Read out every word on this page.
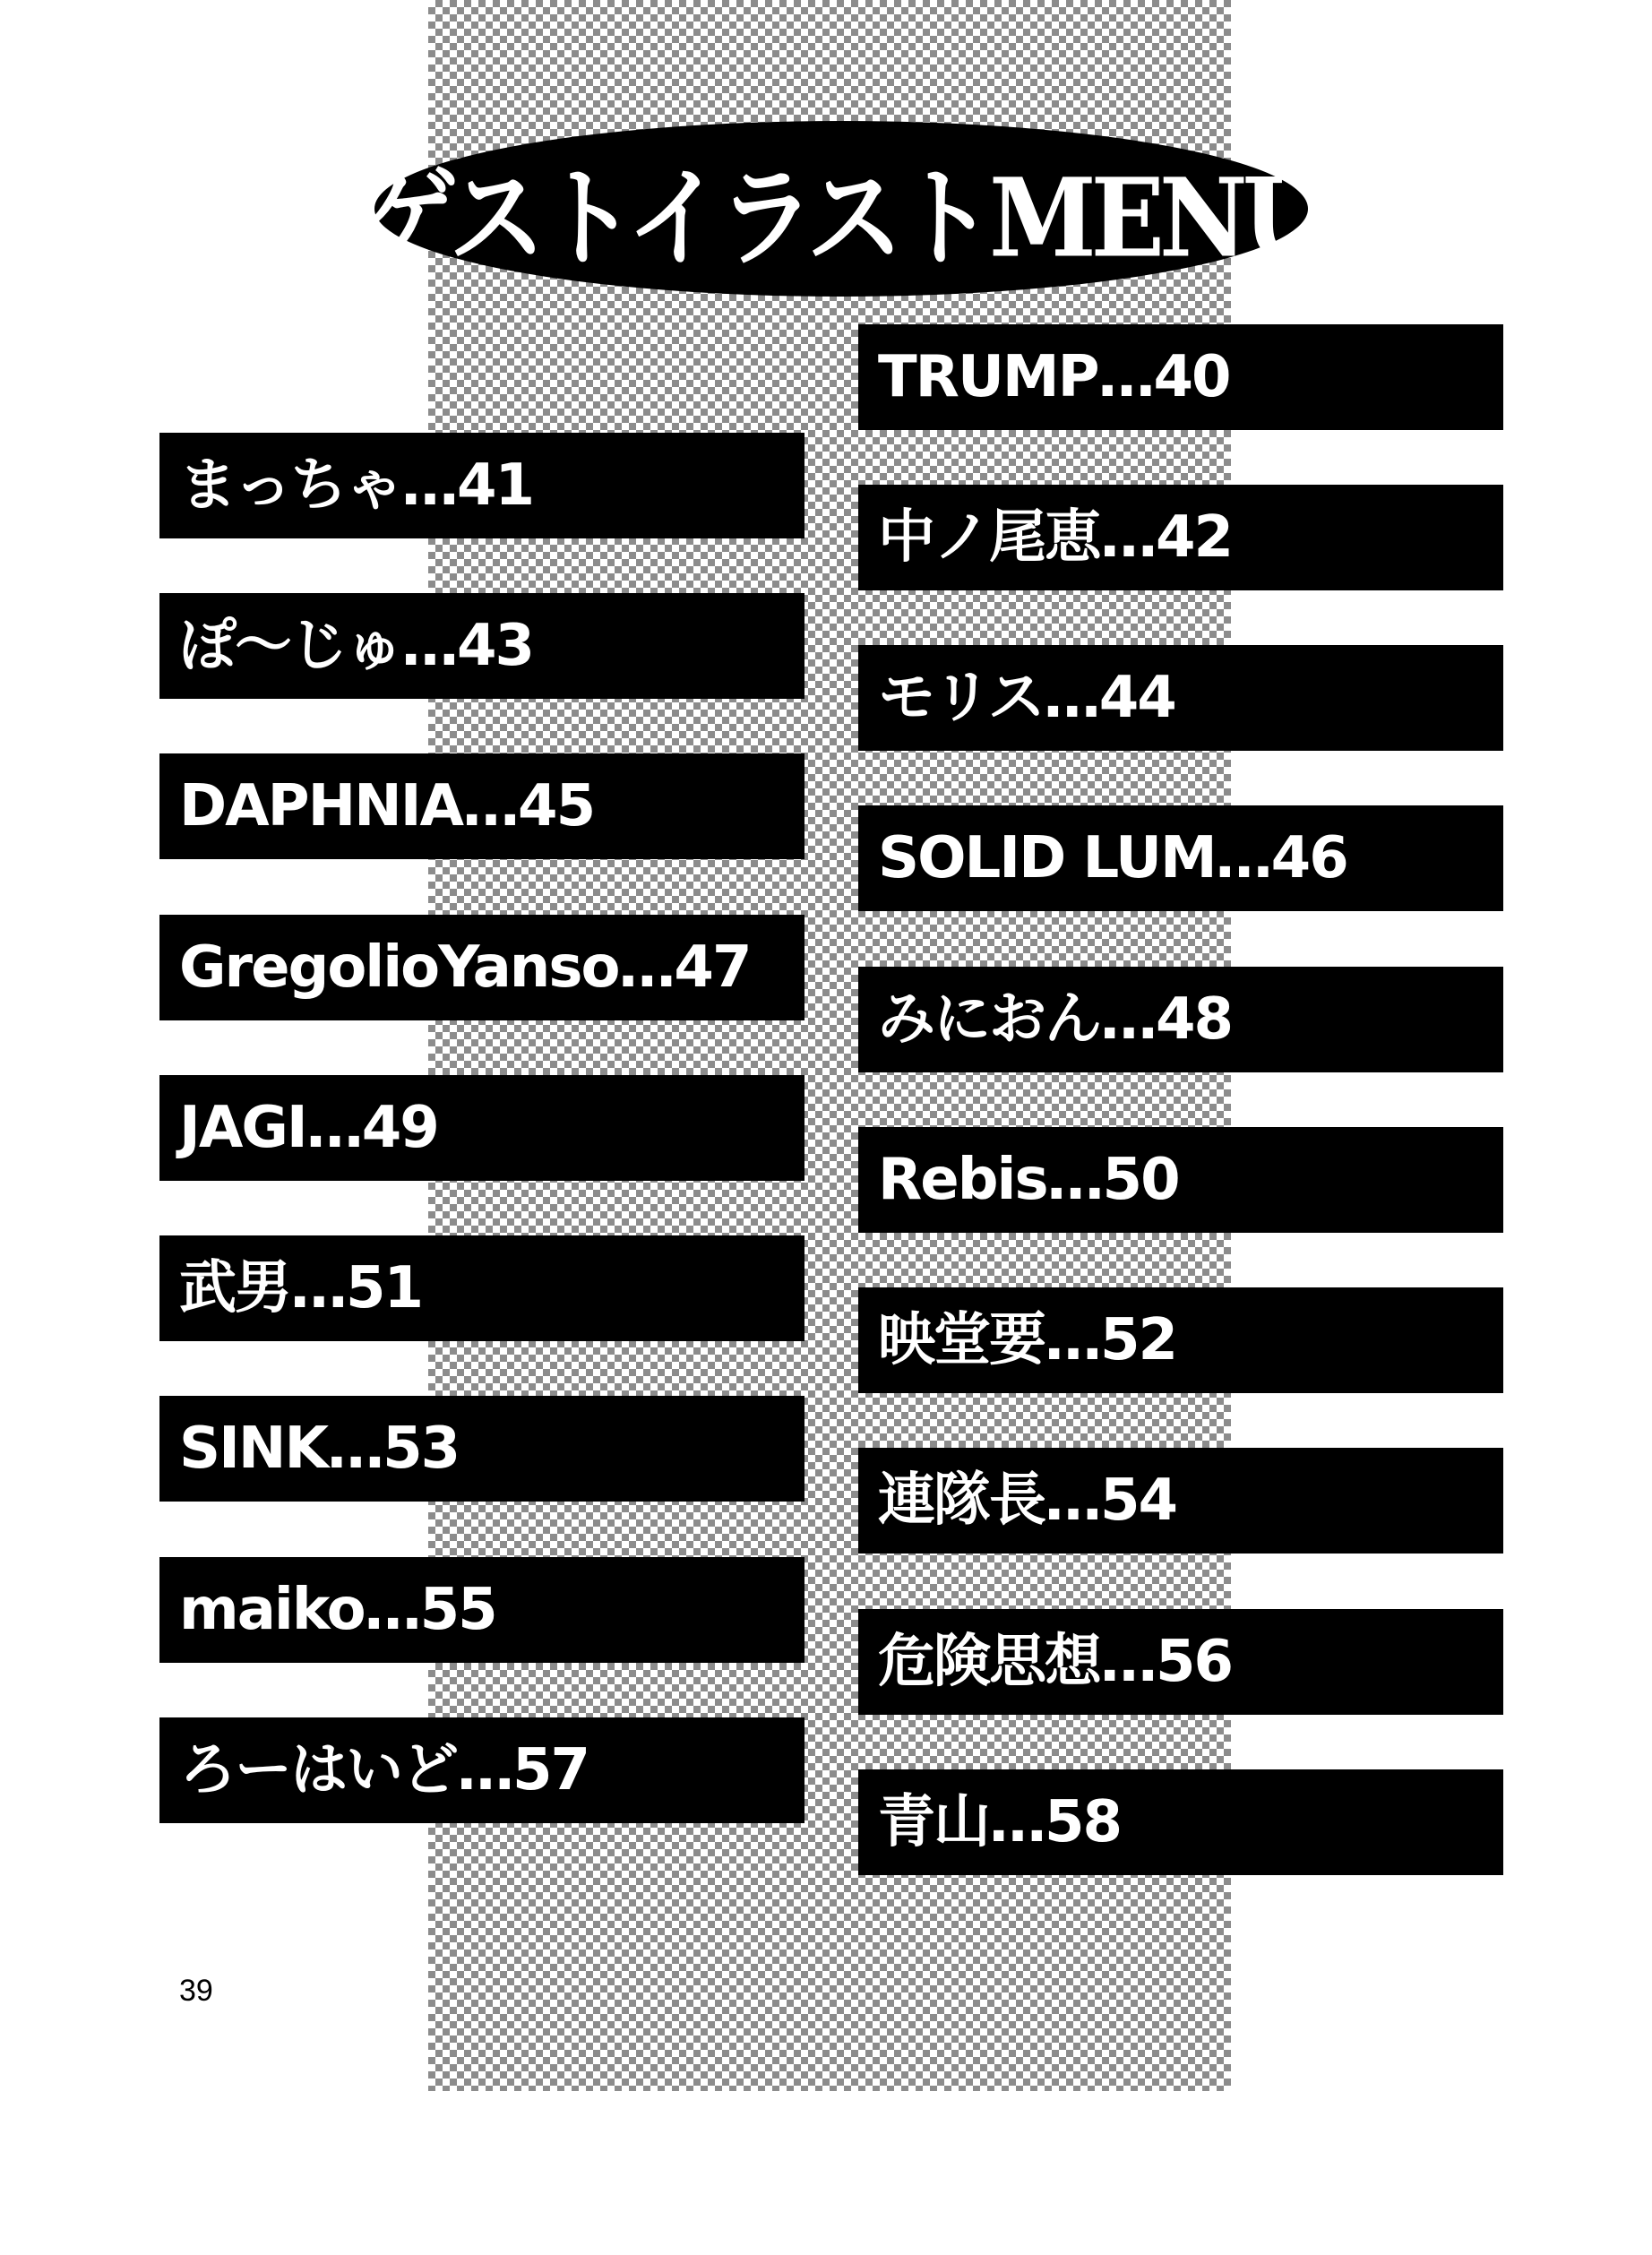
ゲストイラストMENU
まっちゃ…41
ぽ〜じゅ…43
DAPHNIA…45
GregolioYanso…47
JAGI…49
武男…51
SINK…53
maiko…55
ろーはいど…57
TRUMP…40
中ノ尾恵…42
モリス…44
SOLID LUM…46
みにおん…48
Rebis…50
映堂要…52
連隊長…54
危険思想…56
青山…58
39
